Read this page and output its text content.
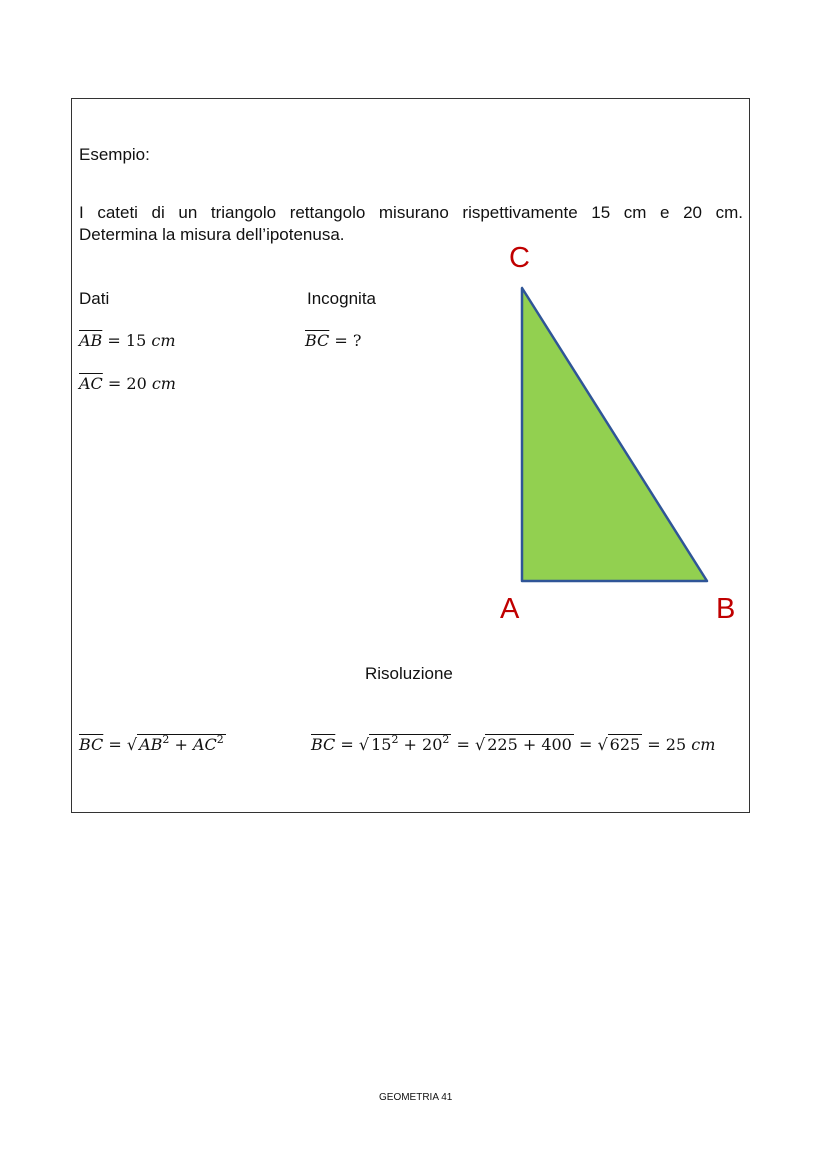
Esempio:
I cateti di un triangolo rettangolo misurano rispettivamente 15 cm e 20 cm.
Determina la misura dell’ipotenusa.
Dati	Incognita
$\overline{AB} = 15$ cm
$\overline{AC} = 20$ cm
$\overline{BC}$ = ?
C
A	B
Risoluzione
$\overline{BC}$ = √ $AB^2 + \overline{AC}^2$	$\overline{BC}$ = √ $15^2 + 20^2$ = √ 225 + 400 = √ 625 = 25 cm
GEOMETRIA 41
